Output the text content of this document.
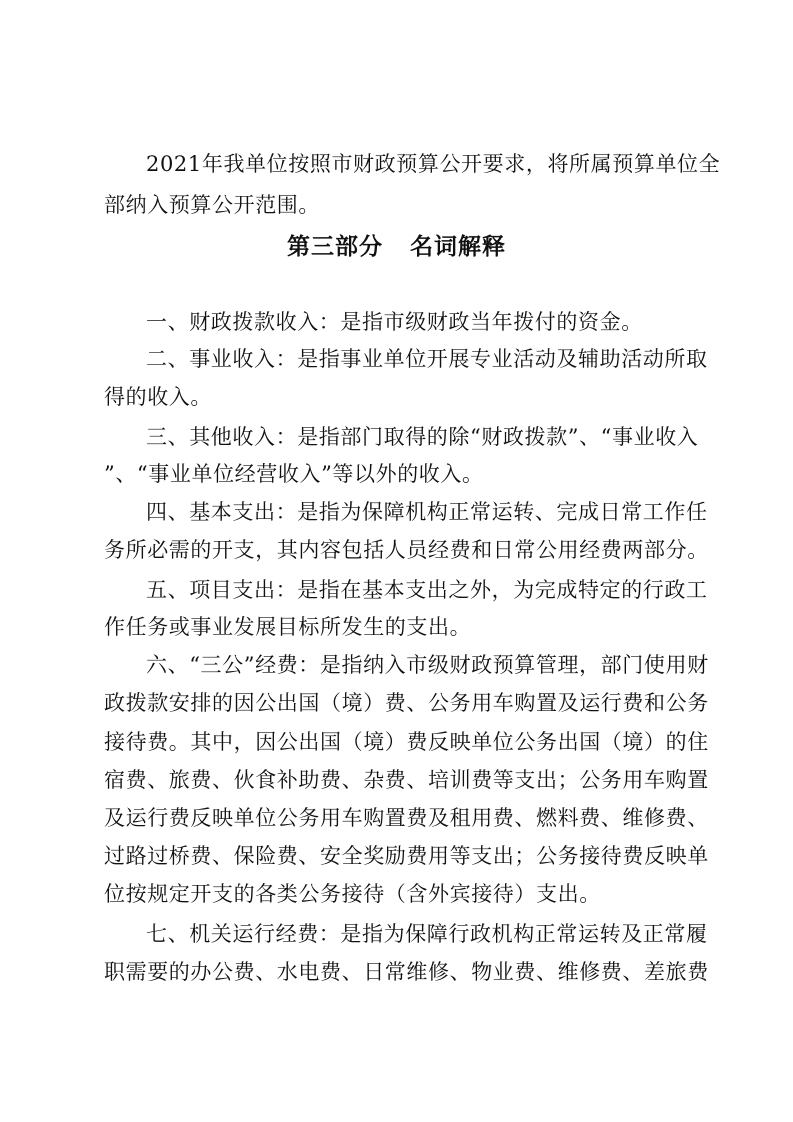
2021年我单位按照市财政预算公开要求，将所属预算单位全
部纳入预算公开范围。
第三部分   名词解释
一、财政拨款收入：是指市级财政当年拨付的资金。
二、事业收入：是指事业单位开展专业活动及辅助活动所取
得的收入。
三、其他收入：是指部门取得的除“财政拨款”、“事业收入
”、“事业单位经营收入”等以外的收入。
四、基本支出：是指为保障机构正常运转、完成日常工作任
务所必需的开支，其内容包括人员经费和日常公用经费两部分。
五、项目支出：是指在基本支出之外，为完成特定的行政工
作任务或事业发展目标所发生的支出。
六、“三公”经费：是指纳入市级财政预算管理，部门使用财
政拨款安排的因公出国（境）费、公务用车购置及运行费和公务
接待费。其中，因公出国（境）费反映单位公务出国（境）的住
宿费、旅费、伙食补助费、杂费、培训费等支出；公务用车购置
及运行费反映单位公务用车购置费及租用费、燃料费、维修费、
过路过桥费、保险费、安全奖励费用等支出；公务接待费反映单
位按规定开支的各类公务接待（含外宾接待）支出。
七、机关运行经费：是指为保障行政机构正常运转及正常履
职需要的办公费、水电费、日常维修、物业费、维修费、差旅费
